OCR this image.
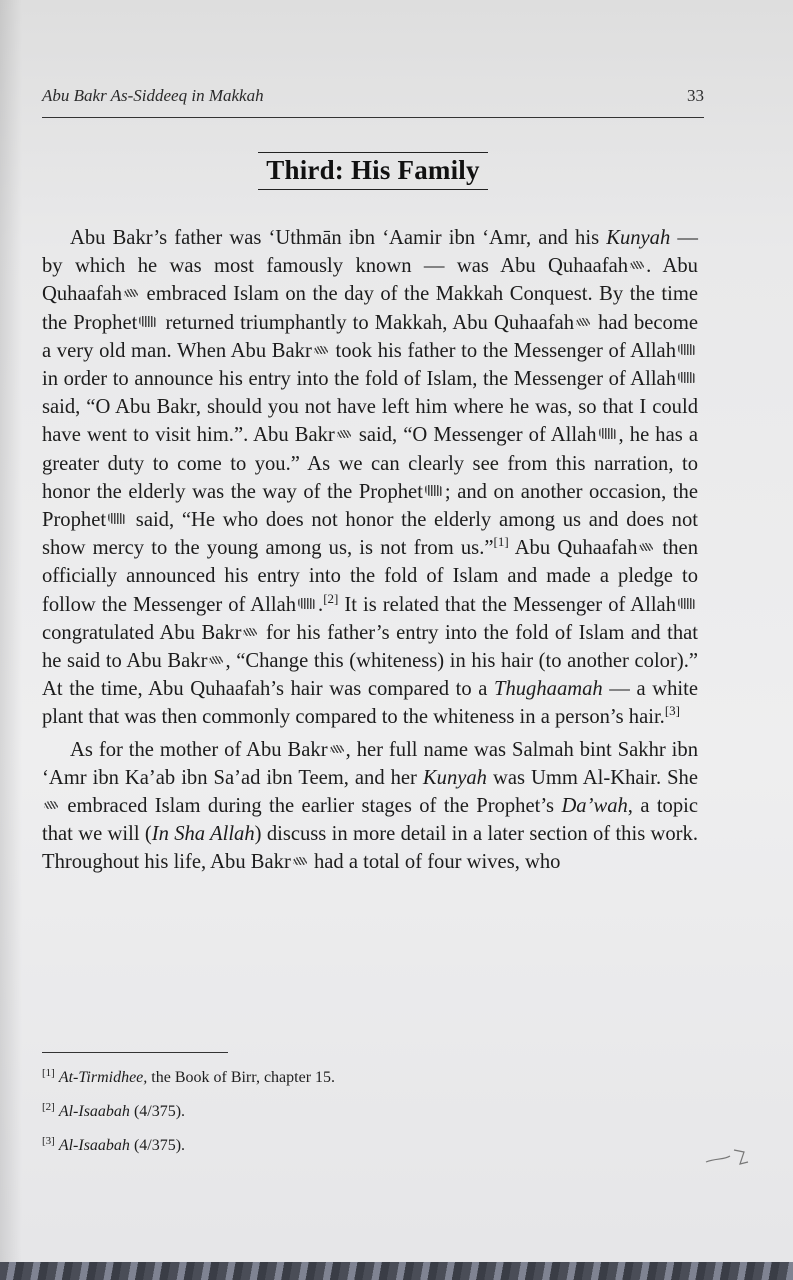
Abu Bakr As-Siddeeq in Makkah	33
Third: His Family

Abu Bakr’s father was ‘Uthmān ibn ‘Aamir ibn ‘Amr, and his Kunyah — by which he was most famously known — was Abu Quhaafah . Abu Quhaafah embraced Islam on the day of the Makkah Conquest. By the time the Prophet returned triumphantly to Makkah, Abu Quhaafah had become a very old man. When Abu Bakr took his father to the Messenger of Allah in order to announce his entry into the fold of Islam, the Messenger of Allah said, “O Abu Bakr, should you not have left him where he was, so that I could have went to visit him.”. Abu Bakr said, “O Messenger of Allah , he has a greater duty to come to you.” As we can clearly see from this narration, to honor the elderly was the way of the Prophet ; and on another occasion, the Prophet said, “He who does not honor the elderly among us and does not show mercy to the young among us, is not from us.”[1] Abu Quhaafah then officially announced his entry into the fold of Islam and made a pledge to follow the Messenger of Allah .[2] It is related that the Messenger of Allah congratulated Abu Bakr for his father’s entry into the fold of Islam and that he said to Abu Bakr , “Change this (whiteness) in his hair (to another color).” At the time, Abu Quhaafah’s hair was compared to a Thughaamah — a white plant that was then commonly compared to the whiteness in a person’s hair.[3]

As for the mother of Abu Bakr , her full name was Salmah bint Sakhr ibn ‘Amr ibn Ka’ab ibn Sa’ad ibn Teem, and her Kunyah was Umm Al-Khair. She embraced Islam during the earlier stages of the Prophet’s Da’wah, a topic that we will (In Sha Allah) discuss in more detail in a later section of this work. Throughout his life, Abu Bakr had a total of four wives, who

[1] At-Tirmidhee, the Book of Birr, chapter 15.
[2] Al-Isaabah (4/375).
[3] Al-Isaabah (4/375).
